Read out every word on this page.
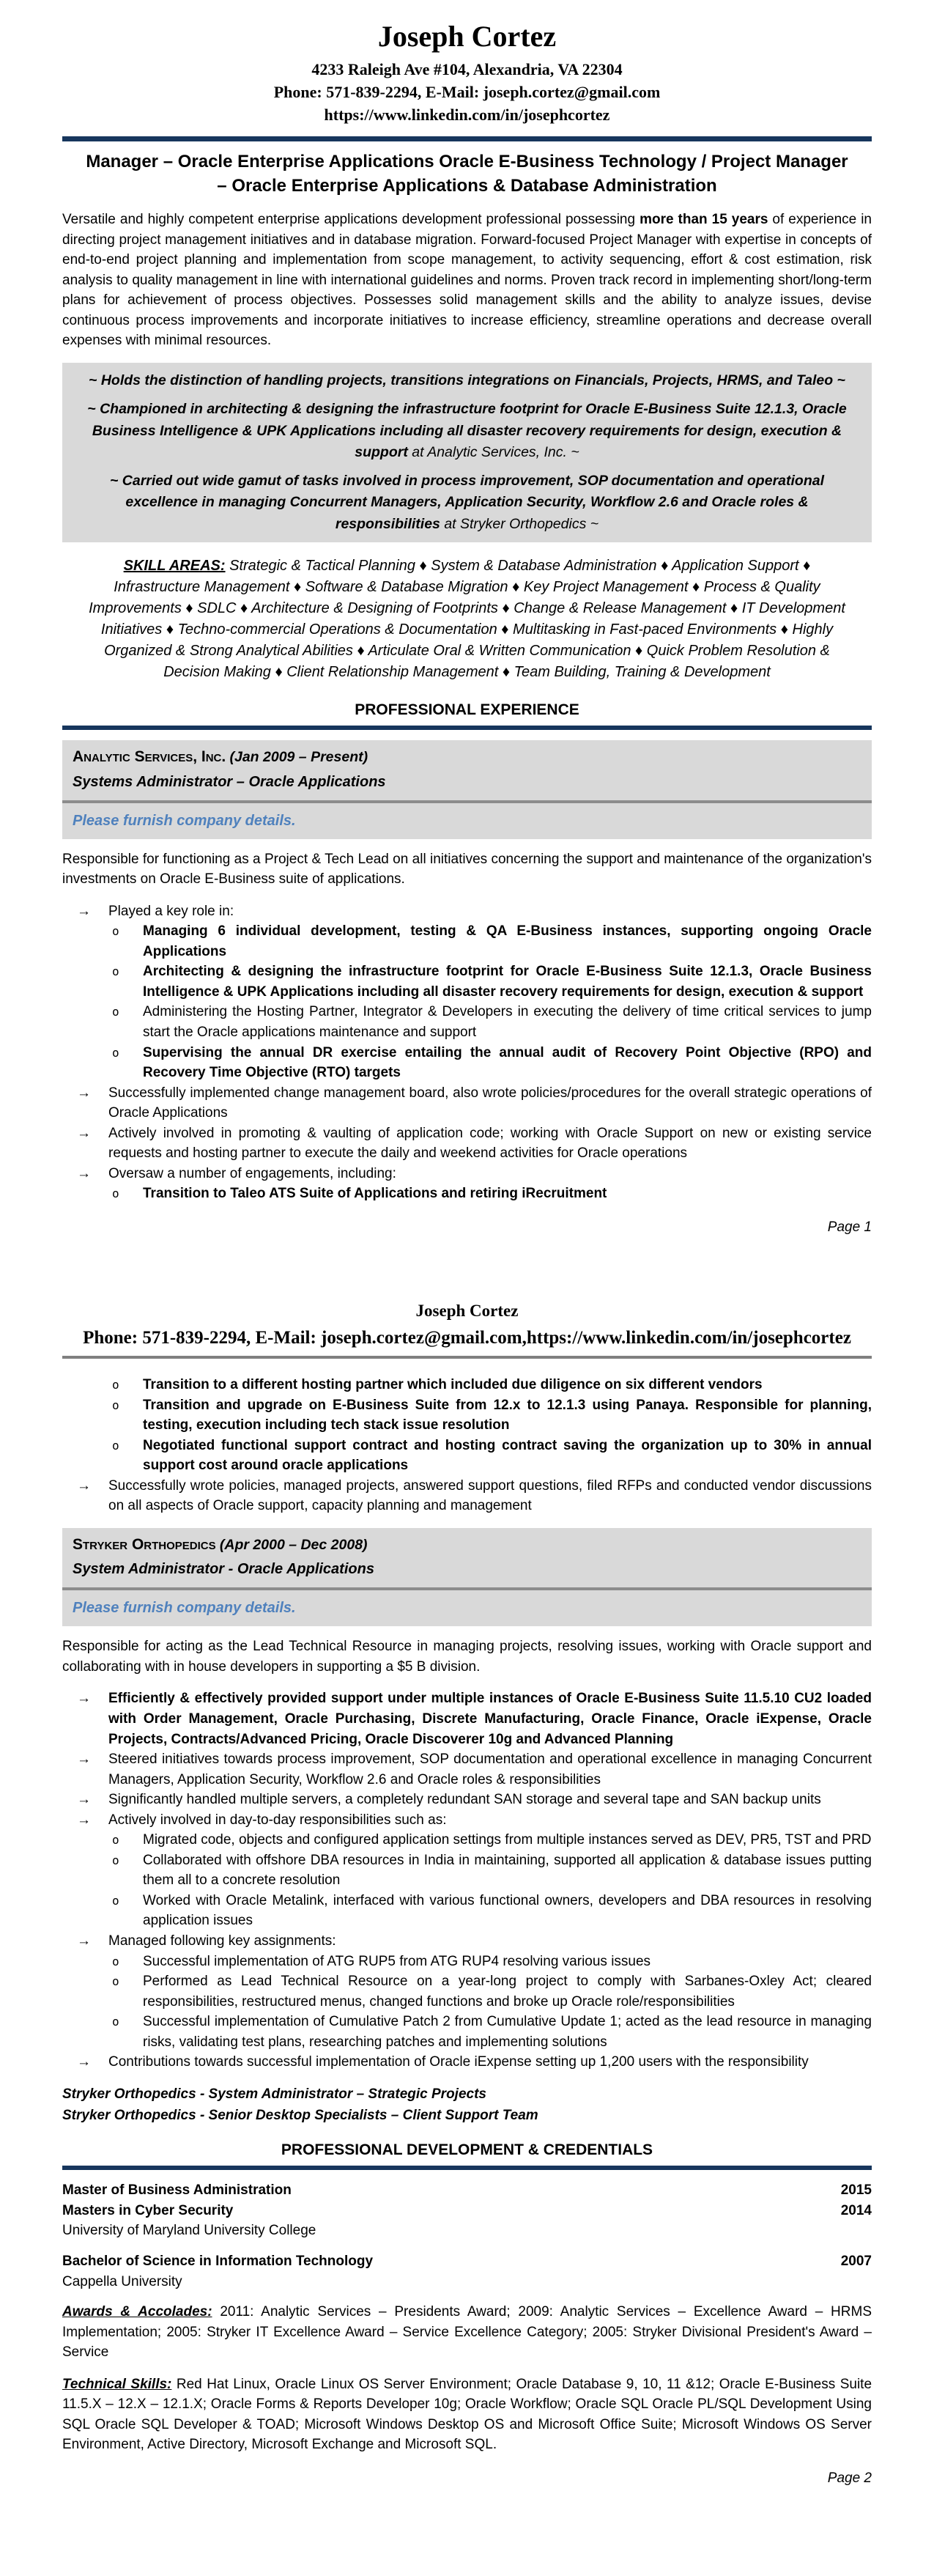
Joseph Cortez
4233 Raleigh Ave #104, Alexandria, VA 22304
Phone: 571-839-2294, E-Mail: joseph.cortez@gmail.com
https://www.linkedin.com/in/josephcortez
Manager – Oracle Enterprise Applications Oracle E-Business Technology / Project Manager – Oracle Enterprise Applications & Database Administration

Versatile and highly competent enterprise applications development professional possessing more than 15 years of experience in directing project management initiatives and in database migration. Forward-focused Project Manager with expertise in concepts of end-to-end project planning and implementation from scope management, to activity sequencing, effort & cost estimation, risk analysis to quality management in line with international guidelines and norms. Proven track record in implementing short/long-term plans for achievement of process objectives. Possesses solid management skills and the ability to analyze issues, devise continuous process improvements and incorporate initiatives to increase efficiency, streamline operations and decrease overall expenses with minimal resources.

~ Holds the distinction of handling projects, transitions integrations on Financials, Projects, HRMS, and Taleo ~

~ Championed in architecting & designing the infrastructure footprint for Oracle E-Business Suite 12.1.3, Oracle Business Intelligence & UPK Applications including all disaster recovery requirements for design, execution & support at Analytic Services, Inc. ~

~ Carried out wide gamut of tasks involved in process improvement, SOP documentation and operational excellence in managing Concurrent Managers, Application Security, Workflow 2.6 and Oracle roles & responsibilities at Stryker Orthopedics ~

SKILL AREAS: Strategic & Tactical Planning ♦ System & Database Administration ♦ Application Support ♦ Infrastructure Management ♦ Software & Database Migration ♦ Key Project Management ♦ Process & Quality Improvements ♦ SDLC ♦ Architecture & Designing of Footprints ♦ Change & Release Management ♦ IT Development Initiatives ♦ Techno-commercial Operations & Documentation ♦ Multitasking in Fast-paced Environments ♦ Highly Organized & Strong Analytical Abilities ♦ Articulate Oral & Written Communication ♦ Quick Problem Resolution & Decision Making ♦ Client Relationship Management ♦ Team Building, Training & Development
PROFESSIONAL EXPERIENCE
Analytic Services, Inc. (Jan 2009 – Present)
Systems Administrator – Oracle Applications
Please furnish company details.

Responsible for functioning as a Project & Tech Lead on all initiatives concerning the support and maintenance of the organization's investments on Oracle E-Business suite of applications.

→
Played a key role in:
o
Managing 6 individual development, testing & QA E-Business instances, supporting ongoing Oracle Applications
o
Architecting & designing the infrastructure footprint for Oracle E-Business Suite 12.1.3, Oracle Business Intelligence & UPK Applications including all disaster recovery requirements for design, execution & support
o
Administering the Hosting Partner, Integrator & Developers in executing the delivery of time critical services to jump start the Oracle applications maintenance and support
o
Supervising the annual DR exercise entailing the annual audit of Recovery Point Objective (RPO) and Recovery Time Objective (RTO) targets
→
Successfully implemented change management board, also wrote policies/procedures for the overall strategic operations of Oracle Applications
→
Actively involved in promoting & vaulting of application code; working with Oracle Support on new or existing service requests and hosting partner to execute the daily and weekend activities for Oracle operations
→
Oversaw a number of engagements, including:
o
Transition to Taleo ATS Suite of Applications and retiring iRecruitment
Page 1
Joseph Cortez
Phone: 571-839-2294, E-Mail: joseph.cortez@gmail.com,https://www.linkedin.com/in/josephcortez
o
Transition to a different hosting partner which included due diligence on six different vendors
o
Transition and upgrade on E-Business Suite from 12.x to 12.1.3 using Panaya. Responsible for planning, testing, execution including tech stack issue resolution
o
Negotiated functional support contract and hosting contract saving the organization up to 30% in annual support cost around oracle applications
→
Successfully wrote policies, managed projects, answered support questions, filed RFPs and conducted vendor discussions on all aspects of Oracle support, capacity planning and management
Stryker Orthopedics (Apr 2000 – Dec 2008)
System Administrator - Oracle Applications
Please furnish company details.

Responsible for acting as the Lead Technical Resource in managing projects, resolving issues, working with Oracle support and collaborating with in house developers in supporting a $5 B division.

→
Efficiently & effectively provided support under multiple instances of Oracle E-Business Suite 11.5.10 CU2 loaded with Order Management, Oracle Purchasing, Discrete Manufacturing, Oracle Finance, Oracle iExpense, Oracle Projects, Contracts/Advanced Pricing, Oracle Discoverer 10g and Advanced Planning
→
Steered initiatives towards process improvement, SOP documentation and operational excellence in managing Concurrent Managers, Application Security, Workflow 2.6 and Oracle roles & responsibilities
→
Significantly handled multiple servers, a completely redundant SAN storage and several tape and SAN backup units
→
Actively involved in day-to-day responsibilities such as:
o
Migrated code, objects and configured application settings from multiple instances served as DEV, PR5, TST and PRD
o
Collaborated with offshore DBA resources in India in maintaining, supported all application & database issues putting them all to a concrete resolution
o
Worked with Oracle Metalink, interfaced with various functional owners, developers and DBA resources in resolving application issues
→
Managed following key assignments:
o
Successful implementation of ATG RUP5 from ATG RUP4 resolving various issues
o
Performed as Lead Technical Resource on a year-long project to comply with Sarbanes-Oxley Act; cleared responsibilities, restructured menus, changed functions and broke up Oracle role/responsibilities
o
Successful implementation of Cumulative Patch 2 from Cumulative Update 1; acted as the lead resource in managing risks, validating test plans, researching patches and implementing solutions
→
Contributions towards successful implementation of Oracle iExpense setting up 1,200 users with the responsibility
Stryker Orthopedics - System Administrator – Strategic Projects
Stryker Orthopedics - Senior Desktop Specialists – Client Support Team
PROFESSIONAL DEVELOPMENT & CREDENTIALS
Master of Business Administration	2015
Masters in Cyber Security	2014
University of Maryland University College
Bachelor of Science in Information Technology	2007
Cappella University

Awards & Accolades: 2011: Analytic Services – Presidents Award; 2009: Analytic Services – Excellence Award – HRMS Implementation; 2005: Stryker IT Excellence Award – Service Excellence Category; 2005: Stryker Divisional President's Award – Service

Technical Skills: Red Hat Linux, Oracle Linux OS Server Environment; Oracle Database 9, 10, 11 &12; Oracle E-Business Suite 11.5.X – 12.X – 12.1.X; Oracle Forms & Reports Developer 10g; Oracle Workflow; Oracle SQL Oracle PL/SQL Development Using SQL Oracle SQL Developer & TOAD; Microsoft Windows Desktop OS and Microsoft Office Suite; Microsoft Windows OS Server Environment, Active Directory, Microsoft Exchange and Microsoft SQL.

Page 2
